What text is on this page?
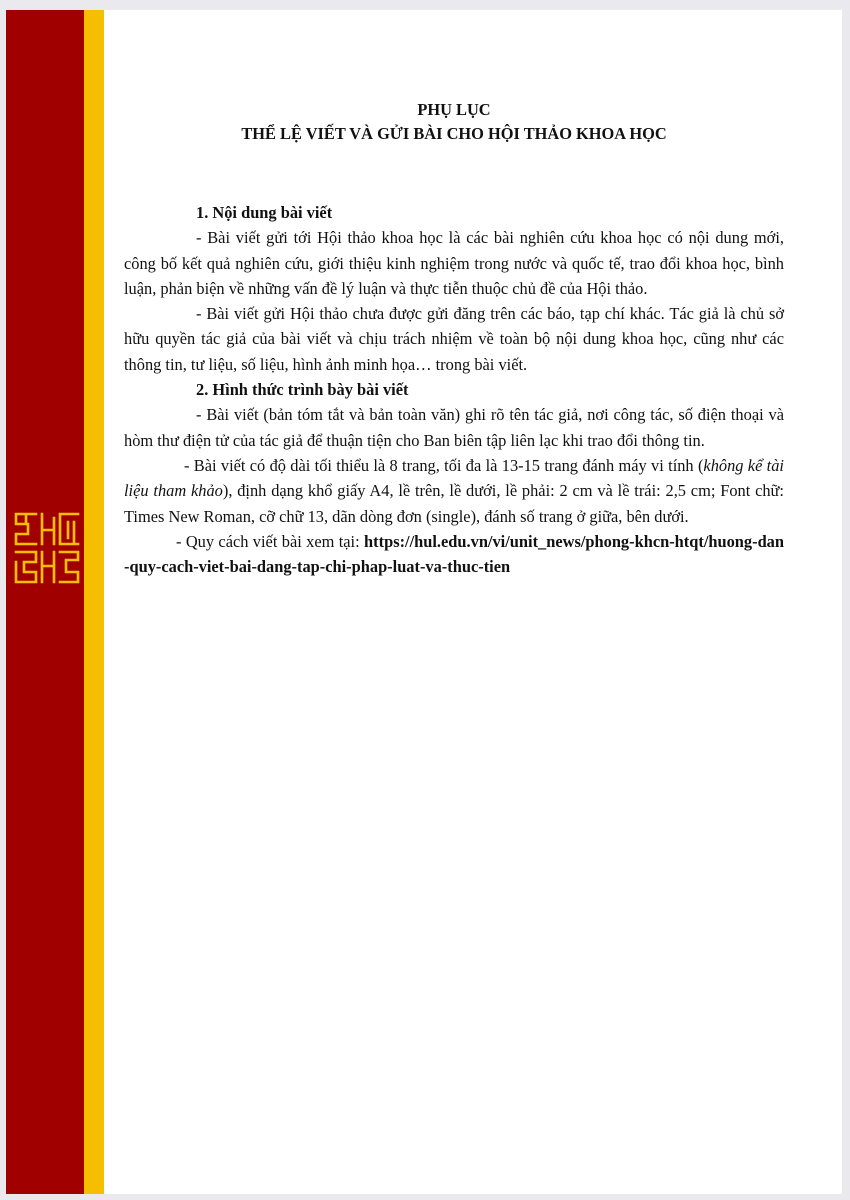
PHỤ LỤC

THỂ LỆ VIẾT VÀ GỬI BÀI CHO HỘI THẢO KHOA HỌC

1. Nội dung bài viết

- Bài viết gửi tới Hội thảo khoa học là các bài nghiên cứu khoa học có nội dung mới, công bố kết quả nghiên cứu, giới thiệu kinh nghiệm trong nước và quốc tế, trao đổi khoa học, bình luận, phản biện về những vấn đề lý luận và thực tiễn thuộc chủ đề của Hội thảo.

- Bài viết gửi Hội thảo chưa được gửi đăng trên các báo, tạp chí khác. Tác giả là chủ sở hữu quyền tác giả của bài viết và chịu trách nhiệm về toàn bộ nội dung khoa học, cũng như các thông tin, tư liệu, số liệu, hình ảnh minh họa… trong bài viết.

2. Hình thức trình bày bài viết

- Bài viết (bản tóm tắt và bản toàn văn) ghi rõ tên tác giả, nơi công tác, số điện thoại và hòm thư điện tử của tác giả để thuận tiện cho Ban biên tập liên lạc khi trao đổi thông tin.

- Bài viết có độ dài tối thiểu là 8 trang, tối đa là 13-15 trang đánh máy vi tính (không kể tài liệu tham khảo), định dạng khổ giấy A4, lề trên, lề dưới, lề phải: 2 cm và lề trái: 2,5 cm; Font chữ: Times New Roman, cỡ chữ 13, dãn dòng đơn (single), đánh số trang ở giữa, bên dưới.

- Quy cách viết bài xem tại: https://hul.edu.vn/vi/unit_news/phong-khcn-htqt/huong-dan-quy-cach-viet-bai-dang-tap-chi-phap-luat-va-thuc-tien
